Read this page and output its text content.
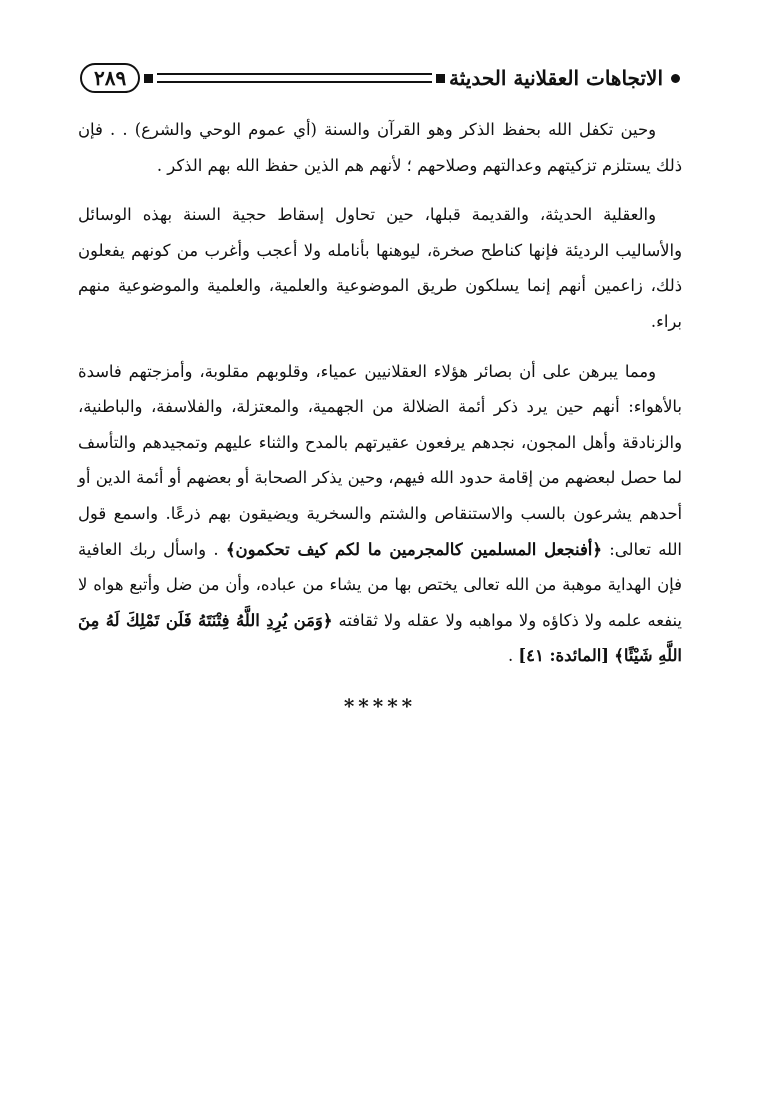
الاتجاهات العقلانية الحديثة
٢٨٩

وحين تكفل الله بحفظ الذكر وهو القرآن والسنة (أي عموم الوحي والشرع) . . فإن ذلك يستلزم تزكيتهم وعدالتهم وصلاحهم ؛ لأنهم هم الذين حفظ الله بهم الذكر .

والعقلية الحديثة، والقديمة قبلها، حين تحاول إسقاط حجية السنة بهذه الوسائل والأساليب الرديئة فإنها كناطح صخرة، ليوهنها بأنامله ولا أعجب وأغرب من كونهم يفعلون ذلك، زاعمين أنهم إنما يسلكون طريق الموضوعية والعلمية، والعلمية والموضوعية منهم براء.

ومما يبرهن على أن بصائر هؤلاء العقلانيين عمياء، وقلوبهم مقلوبة، وأمزجتهم فاسدة بالأهواء: أنهم حين يرد ذكر أئمة الضلالة من الجهمية، والمعتزلة، والفلاسفة، والباطنية، والزنادقة وأهل المجون، نجدهم يرفعون عقيرتهم بالمدح والثناء عليهم وتمجيدهم والتأسف لما حصل لبعضهم من إقامة حدود الله فيهم، وحين يذكر الصحابة أو بعضهم أو أئمة الدين أو أحدهم يشرعون بالسب والاستنقاص والشتم والسخرية ويضيقون بهم ذرعًا. واسمع قول الله تعالى: ﴿أفنجعل المسلمين كالمجرمين ما لكم كيف تحكمون﴾ . واسأل ربك العافية فإن الهداية موهبة من الله تعالى يختص بها من يشاء من عباده، وأن من ضل وأتبع هواه لا ينفعه علمه ولا ذكاؤه ولا مواهبه ولا عقله ولا ثقافته ﴿وَمَن يُرِدِ اللَّهُ فِتْنَتَهُ فَلَن تَمْلِكَ لَهُ مِنَ اللَّهِ شَيْئًا﴾ [المائدة: ٤١] .

*****
